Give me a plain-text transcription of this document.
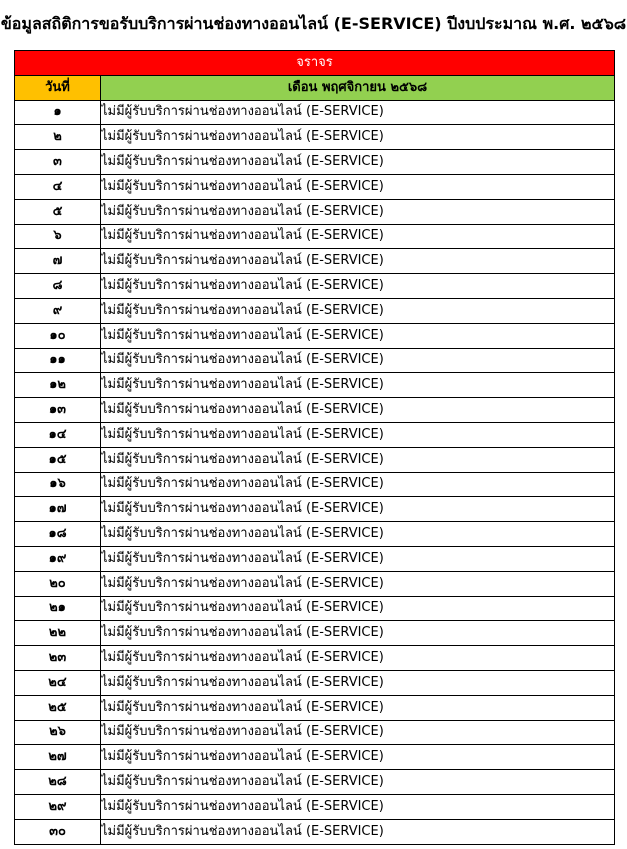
ข้อมูลสถิติการขอรับบริการผ่านช่องทางออนไลน์ (E-SERVICE) ปีงบประมาณ พ.ศ. ๒๕๖๘
จราจร	
วันที่	เดือน พฤศจิกายน ๒๕๖๘
๑	ไม่มีผู้รับบริการผ่านช่องทางออนไลน์ (E-SERVICE)
๒	ไม่มีผู้รับบริการผ่านช่องทางออนไลน์ (E-SERVICE)
๓	ไม่มีผู้รับบริการผ่านช่องทางออนไลน์ (E-SERVICE)
๔	ไม่มีผู้รับบริการผ่านช่องทางออนไลน์ (E-SERVICE)
๕	ไม่มีผู้รับบริการผ่านช่องทางออนไลน์ (E-SERVICE)
๖	ไม่มีผู้รับบริการผ่านช่องทางออนไลน์ (E-SERVICE)
๗	ไม่มีผู้รับบริการผ่านช่องทางออนไลน์ (E-SERVICE)
๘	ไม่มีผู้รับบริการผ่านช่องทางออนไลน์ (E-SERVICE)
๙	ไม่มีผู้รับบริการผ่านช่องทางออนไลน์ (E-SERVICE)
๑๐	ไม่มีผู้รับบริการผ่านช่องทางออนไลน์ (E-SERVICE)
๑๑	ไม่มีผู้รับบริการผ่านช่องทางออนไลน์ (E-SERVICE)
๑๒	ไม่มีผู้รับบริการผ่านช่องทางออนไลน์ (E-SERVICE)
๑๓	ไม่มีผู้รับบริการผ่านช่องทางออนไลน์ (E-SERVICE)
๑๔	ไม่มีผู้รับบริการผ่านช่องทางออนไลน์ (E-SERVICE)
๑๕	ไม่มีผู้รับบริการผ่านช่องทางออนไลน์ (E-SERVICE)
๑๖	ไม่มีผู้รับบริการผ่านช่องทางออนไลน์ (E-SERVICE)
๑๗	ไม่มีผู้รับบริการผ่านช่องทางออนไลน์ (E-SERVICE)
๑๘	ไม่มีผู้รับบริการผ่านช่องทางออนไลน์ (E-SERVICE)
๑๙	ไม่มีผู้รับบริการผ่านช่องทางออนไลน์ (E-SERVICE)
๒๐	ไม่มีผู้รับบริการผ่านช่องทางออนไลน์ (E-SERVICE)
๒๑	ไม่มีผู้รับบริการผ่านช่องทางออนไลน์ (E-SERVICE)
๒๒	ไม่มีผู้รับบริการผ่านช่องทางออนไลน์ (E-SERVICE)
๒๓	ไม่มีผู้รับบริการผ่านช่องทางออนไลน์ (E-SERVICE)
๒๔	ไม่มีผู้รับบริการผ่านช่องทางออนไลน์ (E-SERVICE)
๒๕	ไม่มีผู้รับบริการผ่านช่องทางออนไลน์ (E-SERVICE)
๒๖	ไม่มีผู้รับบริการผ่านช่องทางออนไลน์ (E-SERVICE)
๒๗	ไม่มีผู้รับบริการผ่านช่องทางออนไลน์ (E-SERVICE)
๒๘	ไม่มีผู้รับบริการผ่านช่องทางออนไลน์ (E-SERVICE)
๒๙	ไม่มีผู้รับบริการผ่านช่องทางออนไลน์ (E-SERVICE)
๓๐	ไม่มีผู้รับบริการผ่านช่องทางออนไลน์ (E-SERVICE)
